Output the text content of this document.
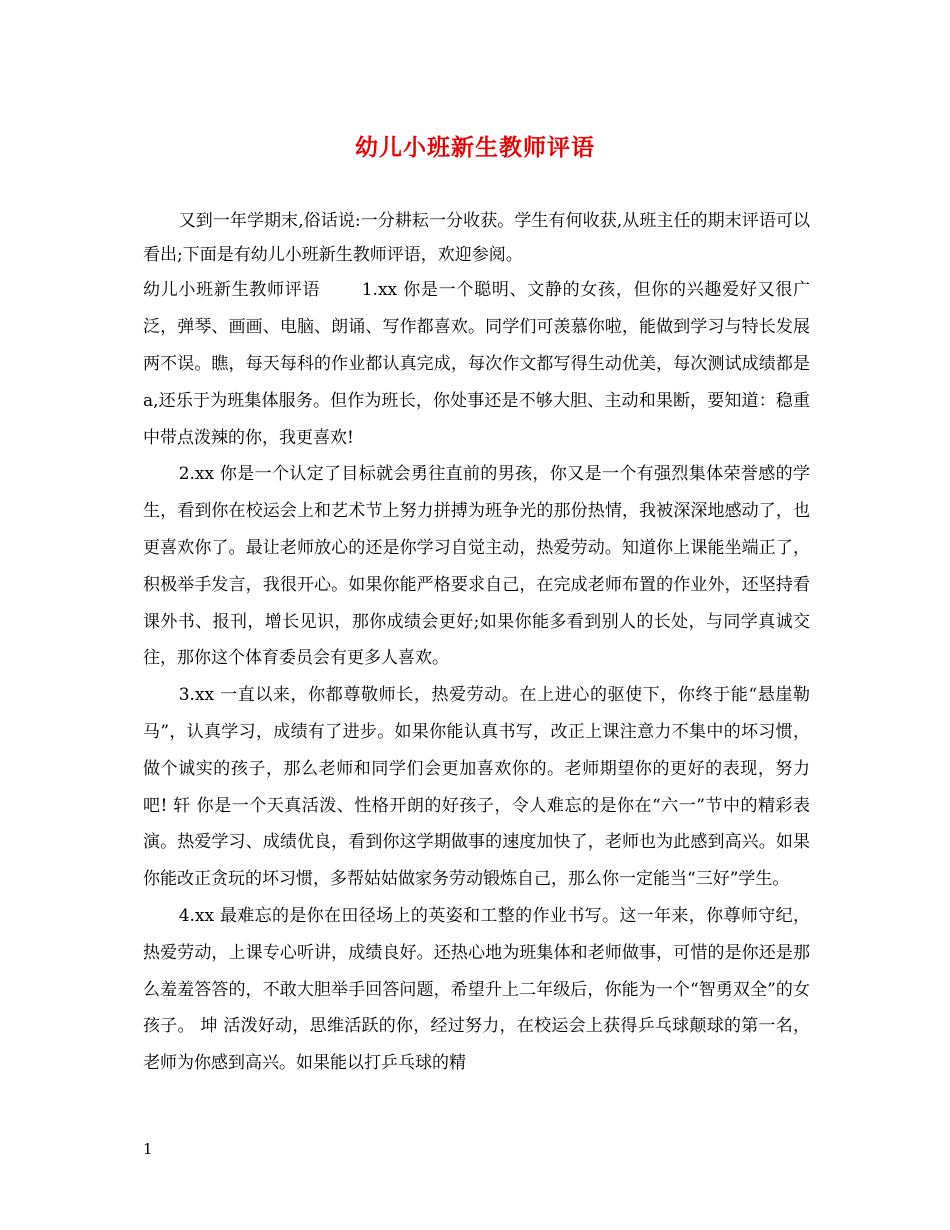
幼儿小班新生教师评语

又到一年学期末,俗话说:一分耕耘一分收获。学生有何收获,从班主任的期末评语可以看出;下面是有幼儿小班新生教师评语，欢迎参阅。

幼儿小班新生教师评语　　 1.xx 你是一个聪明、文静的女孩，但你的兴趣爱好又很广泛，弹琴、画画、电脑、朗诵、写作都喜欢。同学们可羡慕你啦，能做到学习与特长发展两不误。瞧，每天每科的作业都认真完成，每次作文都写得生动优美，每次测试成绩都是 a,还乐于为班集体服务。但作为班长，你处事还是不够大胆、主动和果断，要知道：稳重中带点泼辣的你，我更喜欢!

2.xx 你是一个认定了目标就会勇往直前的男孩，你又是一个有强烈集体荣誉感的学生，看到你在校运会上和艺术节上努力拼搏为班争光的那份热情，我被深深地感动了，也更喜欢你了。最让老师放心的还是你学习自觉主动，热爱劳动。知道你上课能坐端正了，积极举手发言，我很开心。如果你能严格要求自己，在完成老师布置的作业外，还坚持看课外书、报刊，增长见识，那你成绩会更好;如果你能多看到别人的长处，与同学真诚交往，那你这个体育委员会有更多人喜欢。

3.xx 一直以来，你都尊敬师长，热爱劳动。在上进心的驱使下，你终于能“悬崖勒马”，认真学习，成绩有了进步。如果你能认真书写，改正上课注意力不集中的坏习惯，做个诚实的孩子，那么老师和同学们会更加喜欢你的。老师期望你的更好的表现，努力吧! 轩 你是一个天真活泼、性格开朗的好孩子，令人难忘的是你在“六一”节中的精彩表演。热爱学习、成绩优良，看到你这学期做事的速度加快了，老师也为此感到高兴。如果你能改正贪玩的坏习惯，多帮姑姑做家务劳动锻炼自己，那么你一定能当“三好”学生。

4.xx 最难忘的是你在田径场上的英姿和工整的作业书写。这一年来，你尊师守纪，热爱劳动，上课专心听讲，成绩良好。还热心地为班集体和老师做事，可惜的是你还是那么羞羞答答的，不敢大胆举手回答问题，希望升上二年级后，你能为一个“智勇双全”的女孩子。 坤 活泼好动，思维活跃的你，经过努力，在校运会上获得乒乓球颠球的第一名，老师为你感到高兴。如果能以打乒乓球的精

1
